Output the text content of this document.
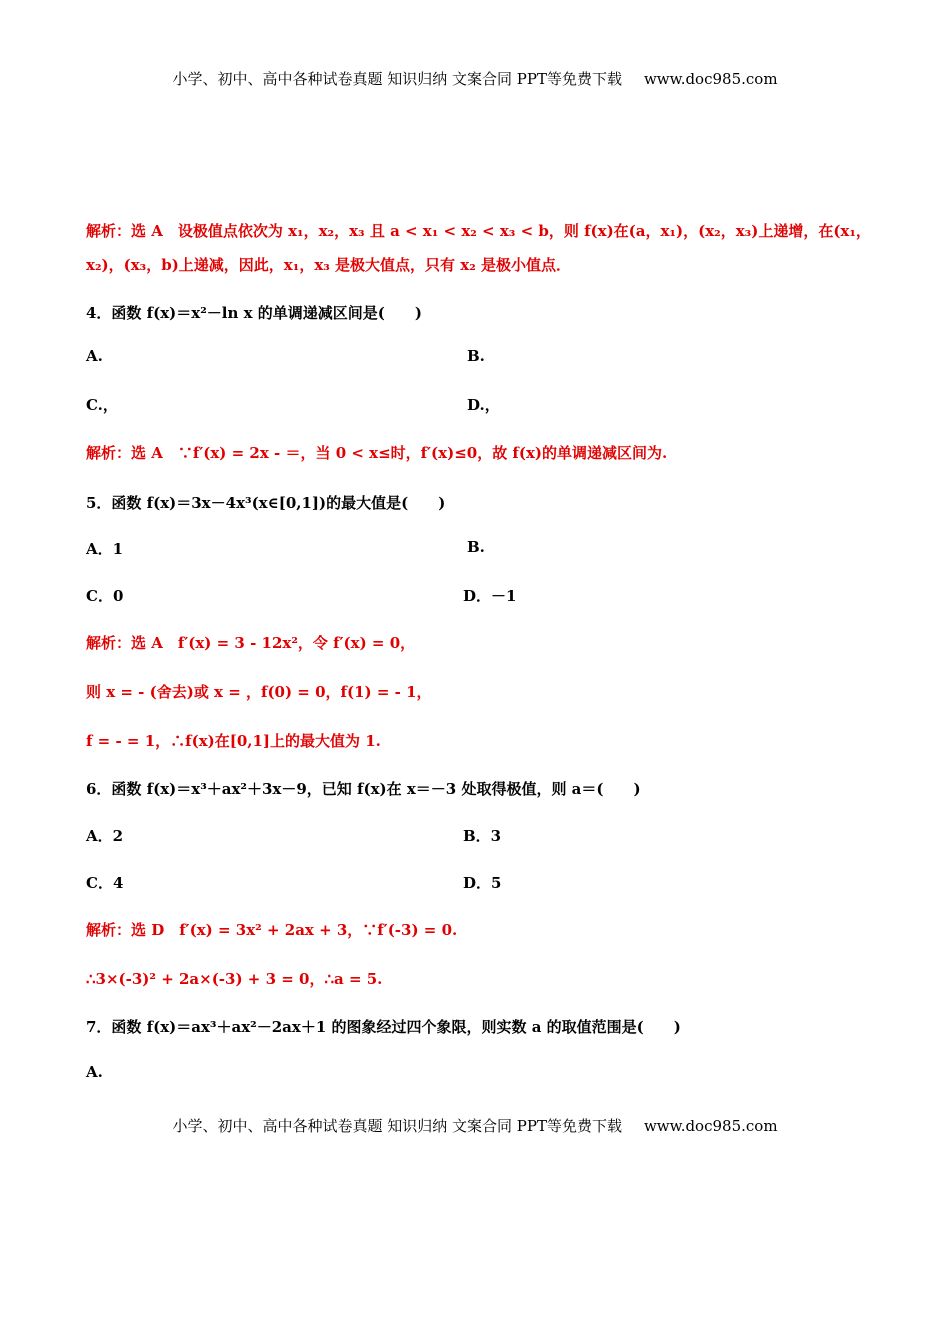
小学、初中、高中各种试卷真题 知识归纳 文案合同 PPT等免费下载 www.doc985.com
解析：选 A　设极值点依次为 x₁，x₂，x₃ 且 a < x₁ < x₂ < x₃ < b，则 f(x)在(a，x₁)，(x₂，x₃)上递增，在(x₁，
x₂)，(x₃，b)上递减，因此，x₁，x₃ 是极大值点，只有 x₂ 是极小值点．
4．函数 f(x)＝x²－ln x 的单调递减区间是(　　)
A.	B.
C.，	D.，
解析：选 A　∵f′(x) = 2x - ＝，当 0 < x≤时，f′(x)≤0，故 f(x)的单调递减区间为.
5．函数 f(x)＝3x－4x³(x∈[0,1])的最大值是(　　)
A．1	B.
C．0	D．－1
解析：选 A　f′(x) = 3 - 12x²，令 f′(x) = 0，
则 x = - (舍去)或 x = ，f(0) = 0，f(1) = - 1，
f = - = 1，∴f(x)在[0,1]上的最大值为 1.
6．函数 f(x)＝x³＋ax²＋3x－9，已知 f(x)在 x＝－3 处取得极值，则 a＝(　　)
A．2	B．3
C．4	D．5
解析：选 D　f′(x) = 3x² + 2ax + 3，∵f′(-3) = 0.
∴3×(-3)² + 2a×(-3) + 3 = 0，∴a = 5.
7．函数 f(x)＝ax³＋ax²－2ax＋1 的图象经过四个象限，则实数 a 的取值范围是(　　)
A.
小学、初中、高中各种试卷真题 知识归纳 文案合同 PPT等免费下载 www.doc985.com
